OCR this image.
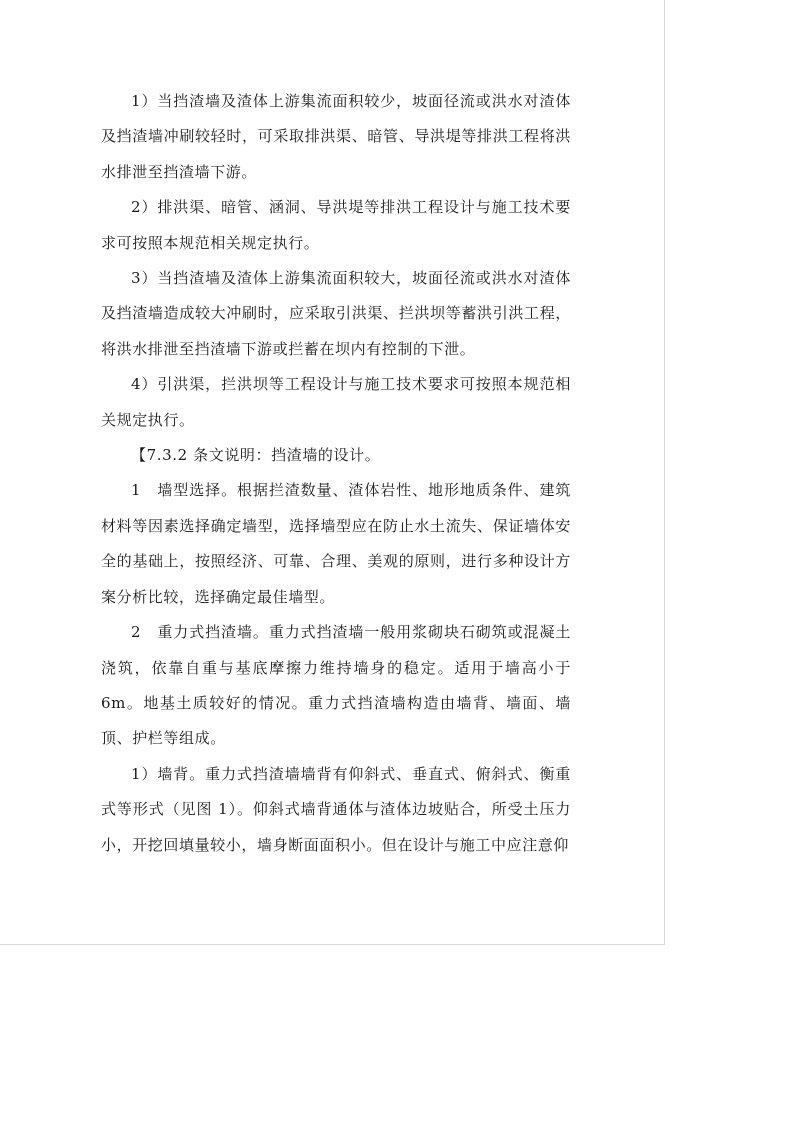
1）当挡渣墙及渣体上游集流面积较少，坡面径流或洪水对渣体及挡渣墙冲刷较轻时，可采取排洪渠、暗管、导洪堤等排洪工程将洪水排泄至挡渣墙下游。

2）排洪渠、暗管、涵洞、导洪堤等排洪工程设计与施工技术要求可按照本规范相关规定执行。

3）当挡渣墙及渣体上游集流面积较大，坡面径流或洪水对渣体及挡渣墙造成较大冲刷时，应采取引洪渠、拦洪坝等蓄洪引洪工程，将洪水排泄至挡渣墙下游或拦蓄在坝内有控制的下泄。

4）引洪渠，拦洪坝等工程设计与施工技术要求可按照本规范相关规定执行。

【7.3.2 条文说明：挡渣墙的设计。

1　墙型选择。根据拦渣数量、渣体岩性、地形地质条件、建筑材料等因素选择确定墙型，选择墙型应在防止水土流失、保证墙体安全的基础上，按照经济、可靠、合理、美观的原则，进行多种设计方案分析比较，选择确定最佳墙型。

2　重力式挡渣墙。重力式挡渣墙一般用浆砌块石砌筑或混凝土浇筑，依靠自重与基底摩擦力维持墙身的稳定。适用于墙高小于 6m。地基土质较好的情况。重力式挡渣墙构造由墙背、墙面、墙顶、护栏等组成。

1）墙背。重力式挡渣墙墙背有仰斜式、垂直式、俯斜式、衡重式等形式（见图 1）。仰斜式墙背通体与渣体边坡贴合，所受土压力小，开挖回填量较小，墙身断面面积小。但在设计与施工中应注意仰
